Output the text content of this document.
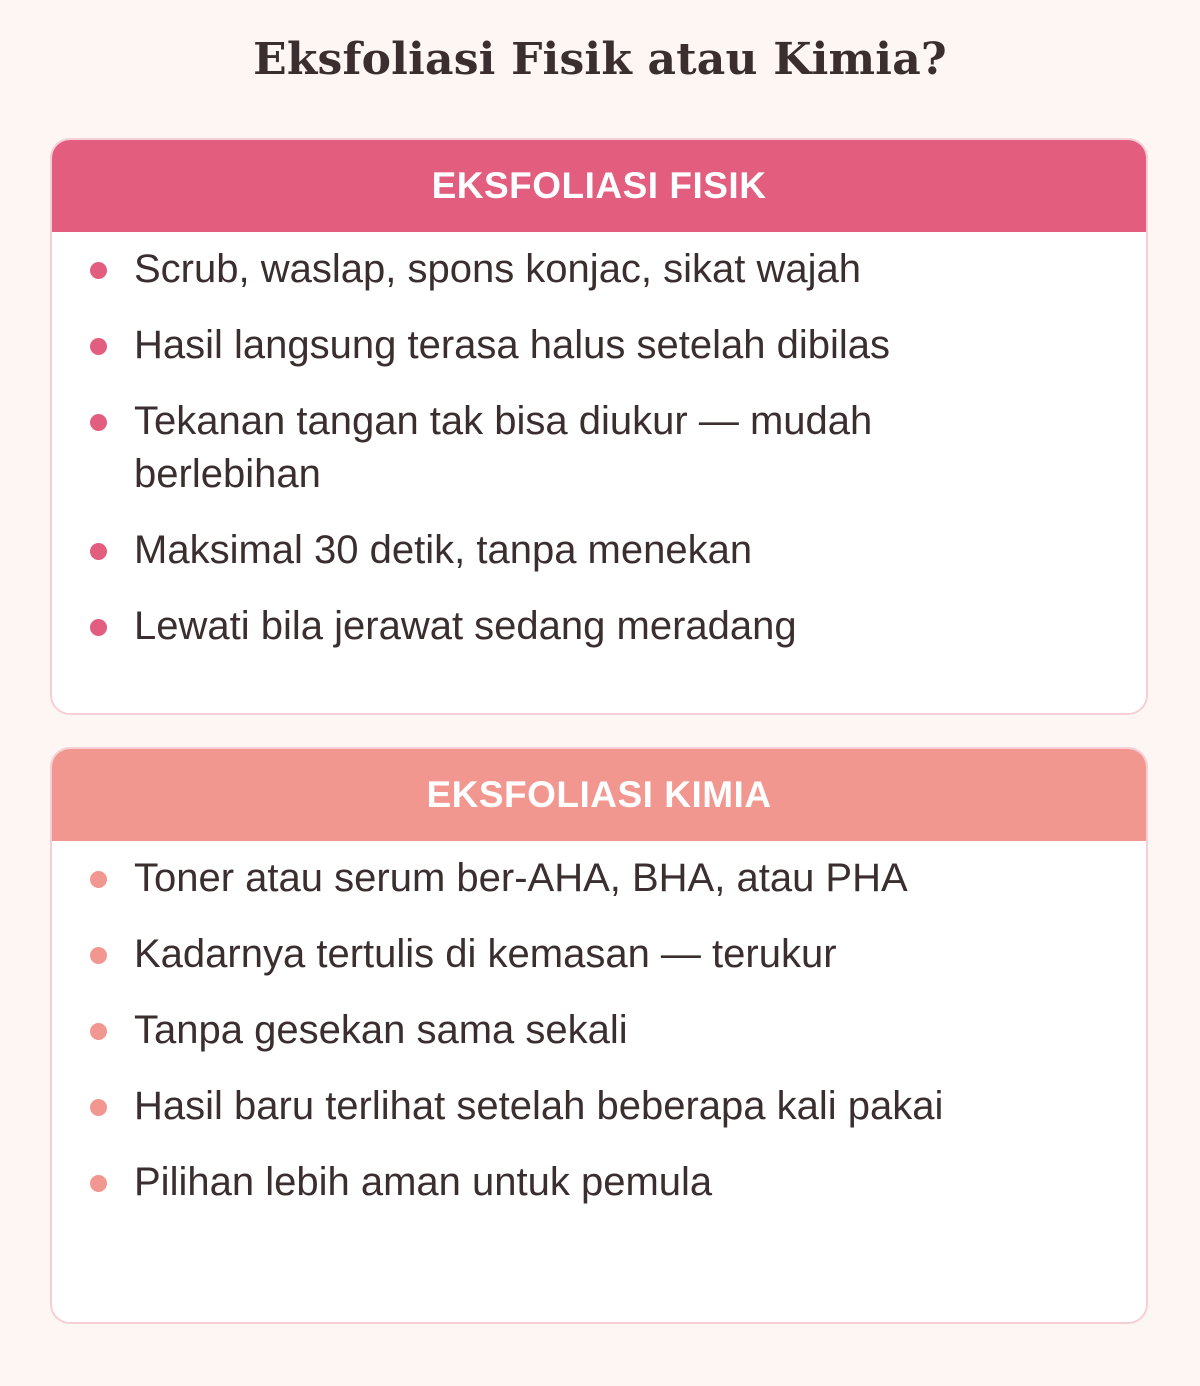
Eksfoliasi Fisik atau Kimia?
EKSFOLIASI FISIK
Scrub, waslap, spons konjac, sikat wajah
Hasil langsung terasa halus setelah dibilas
Tekanan tangan tak bisa diukur — mudah berlebihan
Maksimal 30 detik, tanpa menekan
Lewati bila jerawat sedang meradang
EKSFOLIASI KIMIA
Toner atau serum ber-AHA, BHA, atau PHA
Kadarnya tertulis di kemasan — terukur
Tanpa gesekan sama sekali
Hasil baru terlihat setelah beberapa kali pakai
Pilihan lebih aman untuk pemula
